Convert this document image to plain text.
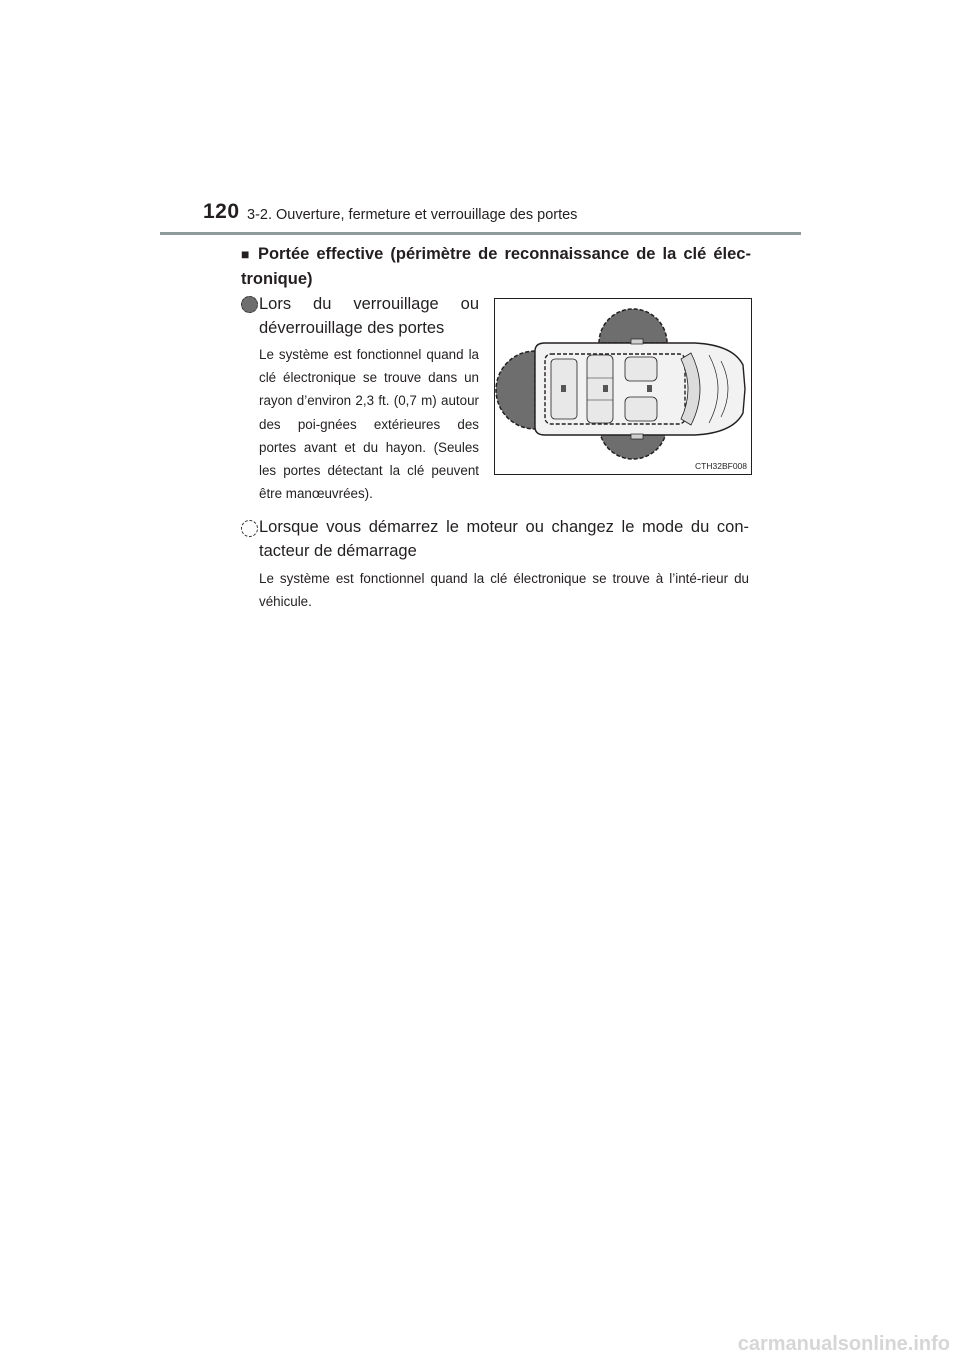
120 3-2. Ouverture, fermeture et verrouillage des portes
■ Portée effective (périmètre de reconnaissance de la clé élec-tronique)
Lors du verrouillage ou déverrouillage des portes
Le système est fonctionnel quand la clé électronique se trouve dans un rayon d’environ 2,3 ft. (0,7 m) autour des poi-gnées extérieures des portes avant et du hayon. (Seules les portes détectant la clé peuvent être manœuvrées).
CTH32BF008
Lorsque vous démarrez le moteur ou changez le mode du con-tacteur de démarrage
Le système est fonctionnel quand la clé électronique se trouve à l’inté-rieur du véhicule.
carmanualsonline.info
